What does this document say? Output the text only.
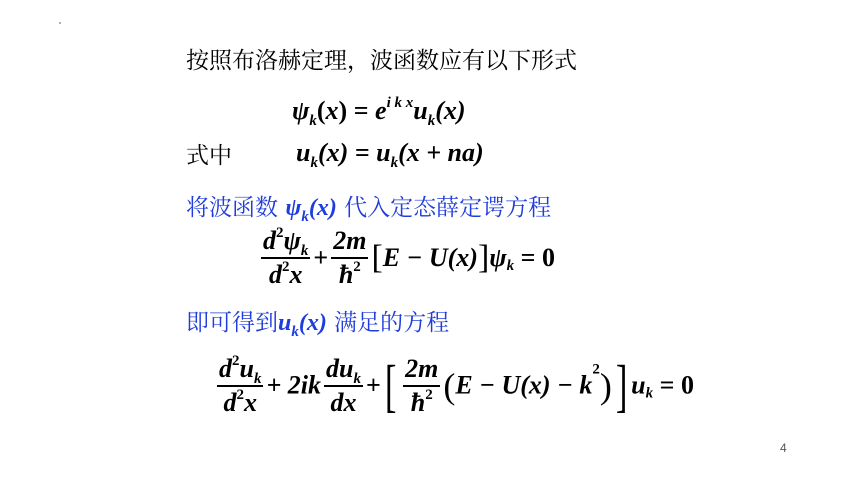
按照布洛赫定理，波函数应有以下形式
$\psi_k(x) = e^{i k x}u_k(x)$
式中 $u_k(x) = u_k(x + na)$
将波函数 $\psi_k(x)$ 代入定态薛定谔方程
$\frac{d^2\psi_k}{d^2x} + \frac{2m}{ħ^2} [E - U(x)]\psi_k = 0$
即可得到$u_k(x)$ 满足的方程
$\frac{d^2u_k}{d^2x} + 2ik \frac{du_k}{dx}$ +[ $\frac{2m}{ħ^2} (E - U(x) - k^2)$] $u_k = 0$
4
